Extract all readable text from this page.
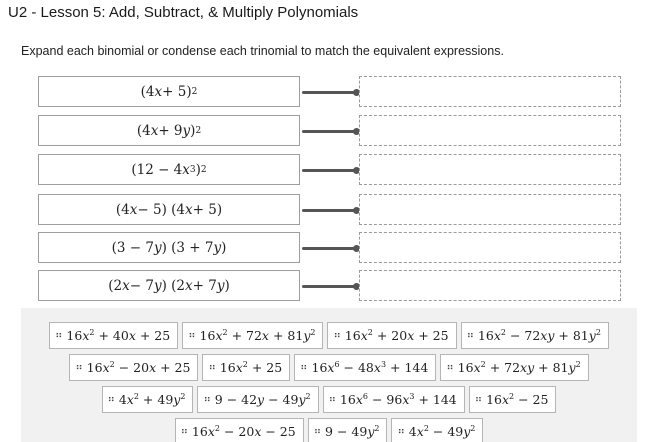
U2 - Lesson 5: Add, Subtract, & Multiply Polynomials
Expand each binomial or condense each trinomial to match the equivalent expressions.
(4 x + 5) 2
(4 x + 9 y ) 2
(12 − 4 x 3 ) 2
(4 x − 5) (4 x + 5)
(3 − 7 y ) (3 + 7 y )
(2 x − 7 y ) (2 x + 7 y )
⠶ $16x^2 + 40x + 25$ ⠶ $16x^2 + 72x + 81y^2$ ⠶ $16x^2 + 20x + 25$ ⠶ $16x^2 - 72xy + 81y^2$
⠶ $16x^2 - 20x + 25$ ⠶ $16x^2 + 25$ ⠶ $16x^6 - 48x^3 + 144$ ⠶ $16x^2 + 72xy + 81y^2$
⠶ $4x^2 + 49y^2$ ⠶ $9 - 42y - 49y^2$ ⠶ $16x^6 - 96x^3 + 144$ ⠶ $16x^2 - 25$
⠶ $16x^2 - 20x - 25$ ⠶ $9 - 49y^2$ ⠶ $4x^2 - 49y^2$
